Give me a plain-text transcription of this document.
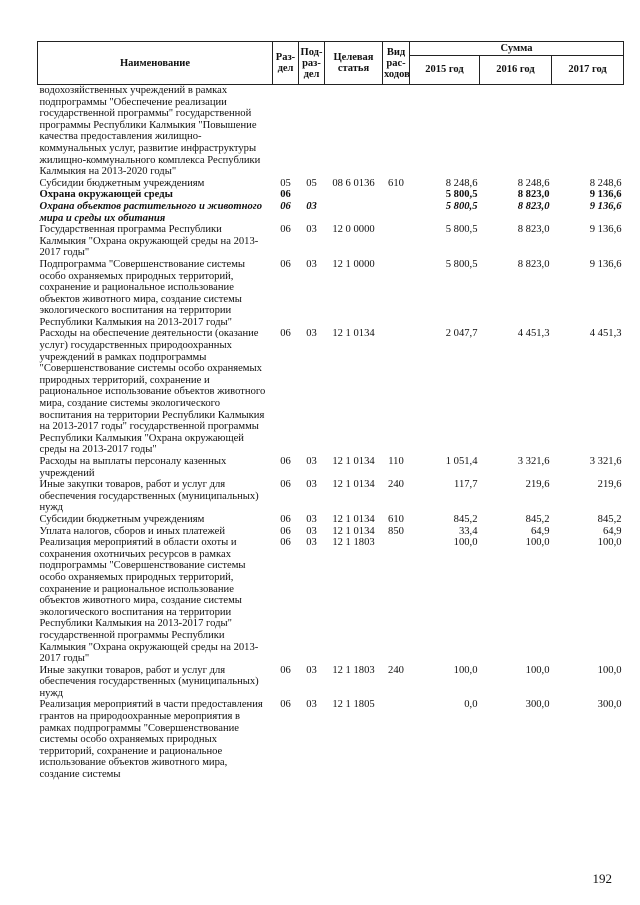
Наименование	Раз-дел	Под-раз-дел	Целевая статья	Вид рас-ходов	Сумма		
					2015 год	2016 год	2017 год
водохозяйственных учреждений в рамках подпрограммы "Обеспечение реализации государственной программы" государственной программы Республики Калмыкия "Повышение качества предоставления жилищно-коммунальных услуг, развитие инфраструктуры жилищно-коммунального комплекса Республики Калмыкия на 2013-2020 годы"							
Субсидии бюджетным учреждениям	05	05	08 6 0136	610	8 248,6	8 248,6	8 248,6
Охрана окружающей среды	06				5 800,5	8 823,0	9 136,6
Охрана объектов растительного и животного мира и среды их обитания	06	03			5 800,5	8 823,0	9 136,6
Государственная программа Республики Калмыкия "Охрана окружающей среды на 2013-2017 годы"	06	03	12 0 0000		5 800,5	8 823,0	9 136,6
Подпрограмма "Совершенствование системы особо охраняемых природных территорий, сохранение и рациональное использование объектов животного мира, создание системы экологического воспитания на территории Республики Калмыкия на 2013-2017 годы"	06	03	12 1 0000		5 800,5	8 823,0	9 136,6
Расходы на обеспечение деятельности (оказание услуг) государственных природоохранных учреждений в рамках подпрограммы "Совершенствование системы особо охраняемых природных территорий, сохранение и рациональное использование объектов животного мира, создание системы экологического воспитания на территории Республики Калмыкия на 2013-2017 годы" государственной программы Республики Калмыкия "Охрана окружающей среды на 2013-2017 годы"	06	03	12 1 0134		2 047,7	4 451,3	4 451,3
Расходы на выплаты персоналу казенных учреждений	06	03	12 1 0134	110	1 051,4	3 321,6	3 321,6
Иные закупки товаров, работ и услуг для обеспечения государственных (муниципальных) нужд	06	03	12 1 0134	240	117,7	219,6	219,6
Субсидии бюджетным учреждениям	06	03	12 1 0134	610	845,2	845,2	845,2
Уплата налогов, сборов и иных платежей	06	03	12 1 0134	850	33,4	64,9	64,9
Реализация мероприятий в области охоты и сохранения охотничьих ресурсов в рамках подпрограммы "Совершенствование системы особо охраняемых природных территорий, сохранение и рациональное использование объектов животного мира, создание системы экологического воспитания на территории Республики Калмыкия на 2013-2017 годы" государственной программы Республики Калмыкия "Охрана окружающей среды на 2013-2017 годы"	06	03	12 1 1803		100,0	100,0	100,0
Иные закупки товаров, работ и услуг для обеспечения государственных (муниципальных) нужд	06	03	12 1 1803	240	100,0	100,0	100,0
Реализация мероприятий в части предоставления грантов на природоохранные мероприятия в рамках подпрограммы "Совершенствование системы особо охраняемых природных территорий, сохранение и рациональное использование объектов животного мира, создание системы	06	03	12 1 1805		0,0	300,0	300,0
192
